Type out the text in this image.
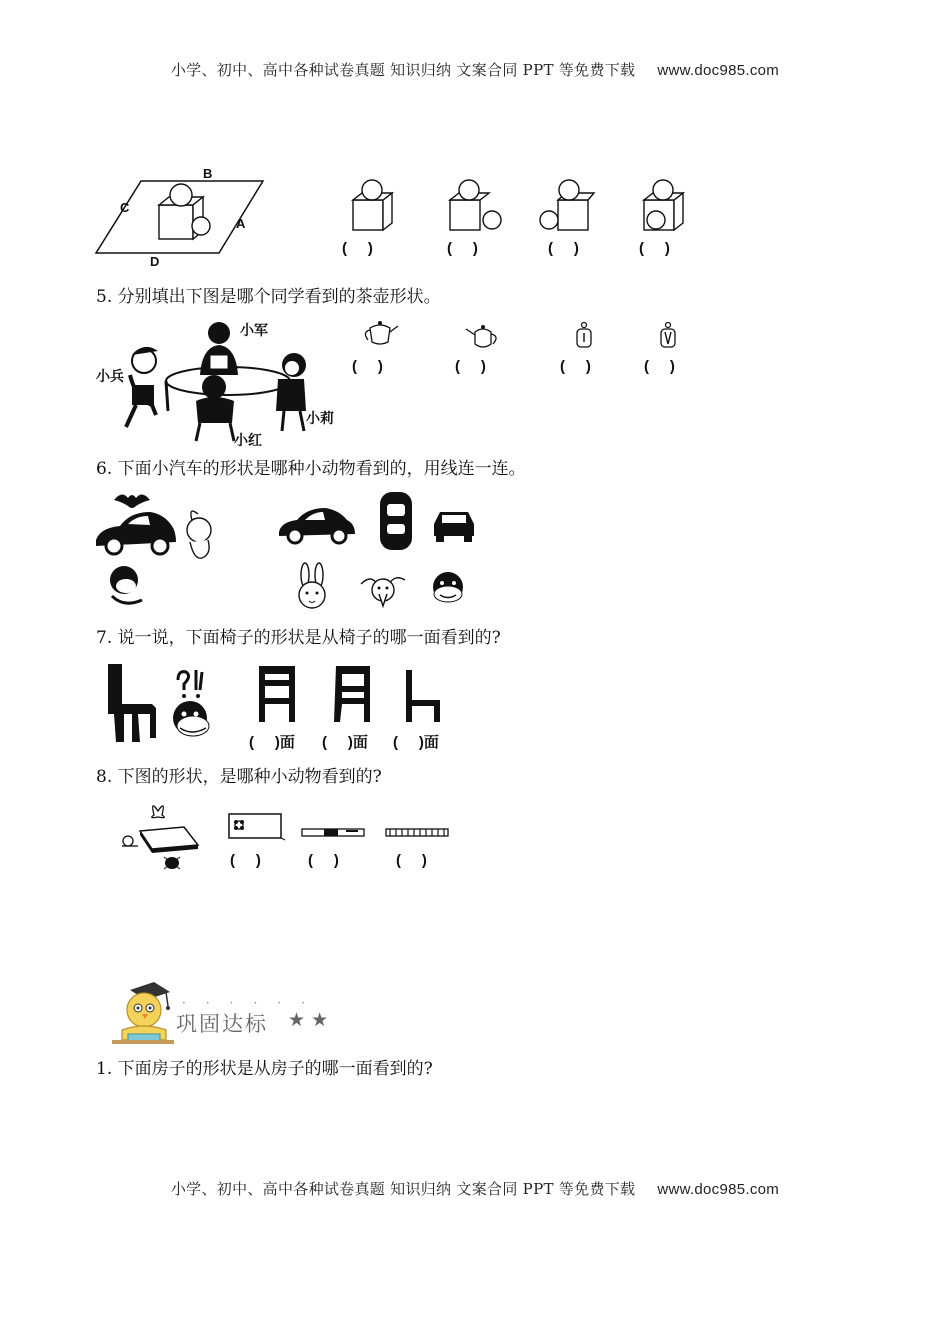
小学、初中、高中各种试卷真题 知识归纳 文案合同 PPT 等免费下载 www.doc985.com
B
C
A
D
(     )	(     )	(     )	(     )
5. 分别填出下图是哪个同学看到的茶壶形状。
小军
小兵
小莉
小红
(     )	(     )	(     )	(     )
6. 下面小汽车的形状是哪种小动物看到的，用线连一连。
7. 说一说，下面椅子的形状是从椅子的哪一面看到的?
(     )面 (     )面 (     )面
8. 下图的形状，是哪种小动物看到的?
(     )	(     )	(     )
······
巩固达标 ★ ★
1. 下面房子的形状是从房子的哪一面看到的?
小学、初中、高中各种试卷真题 知识归纳 文案合同 PPT 等免费下载 www.doc985.com
